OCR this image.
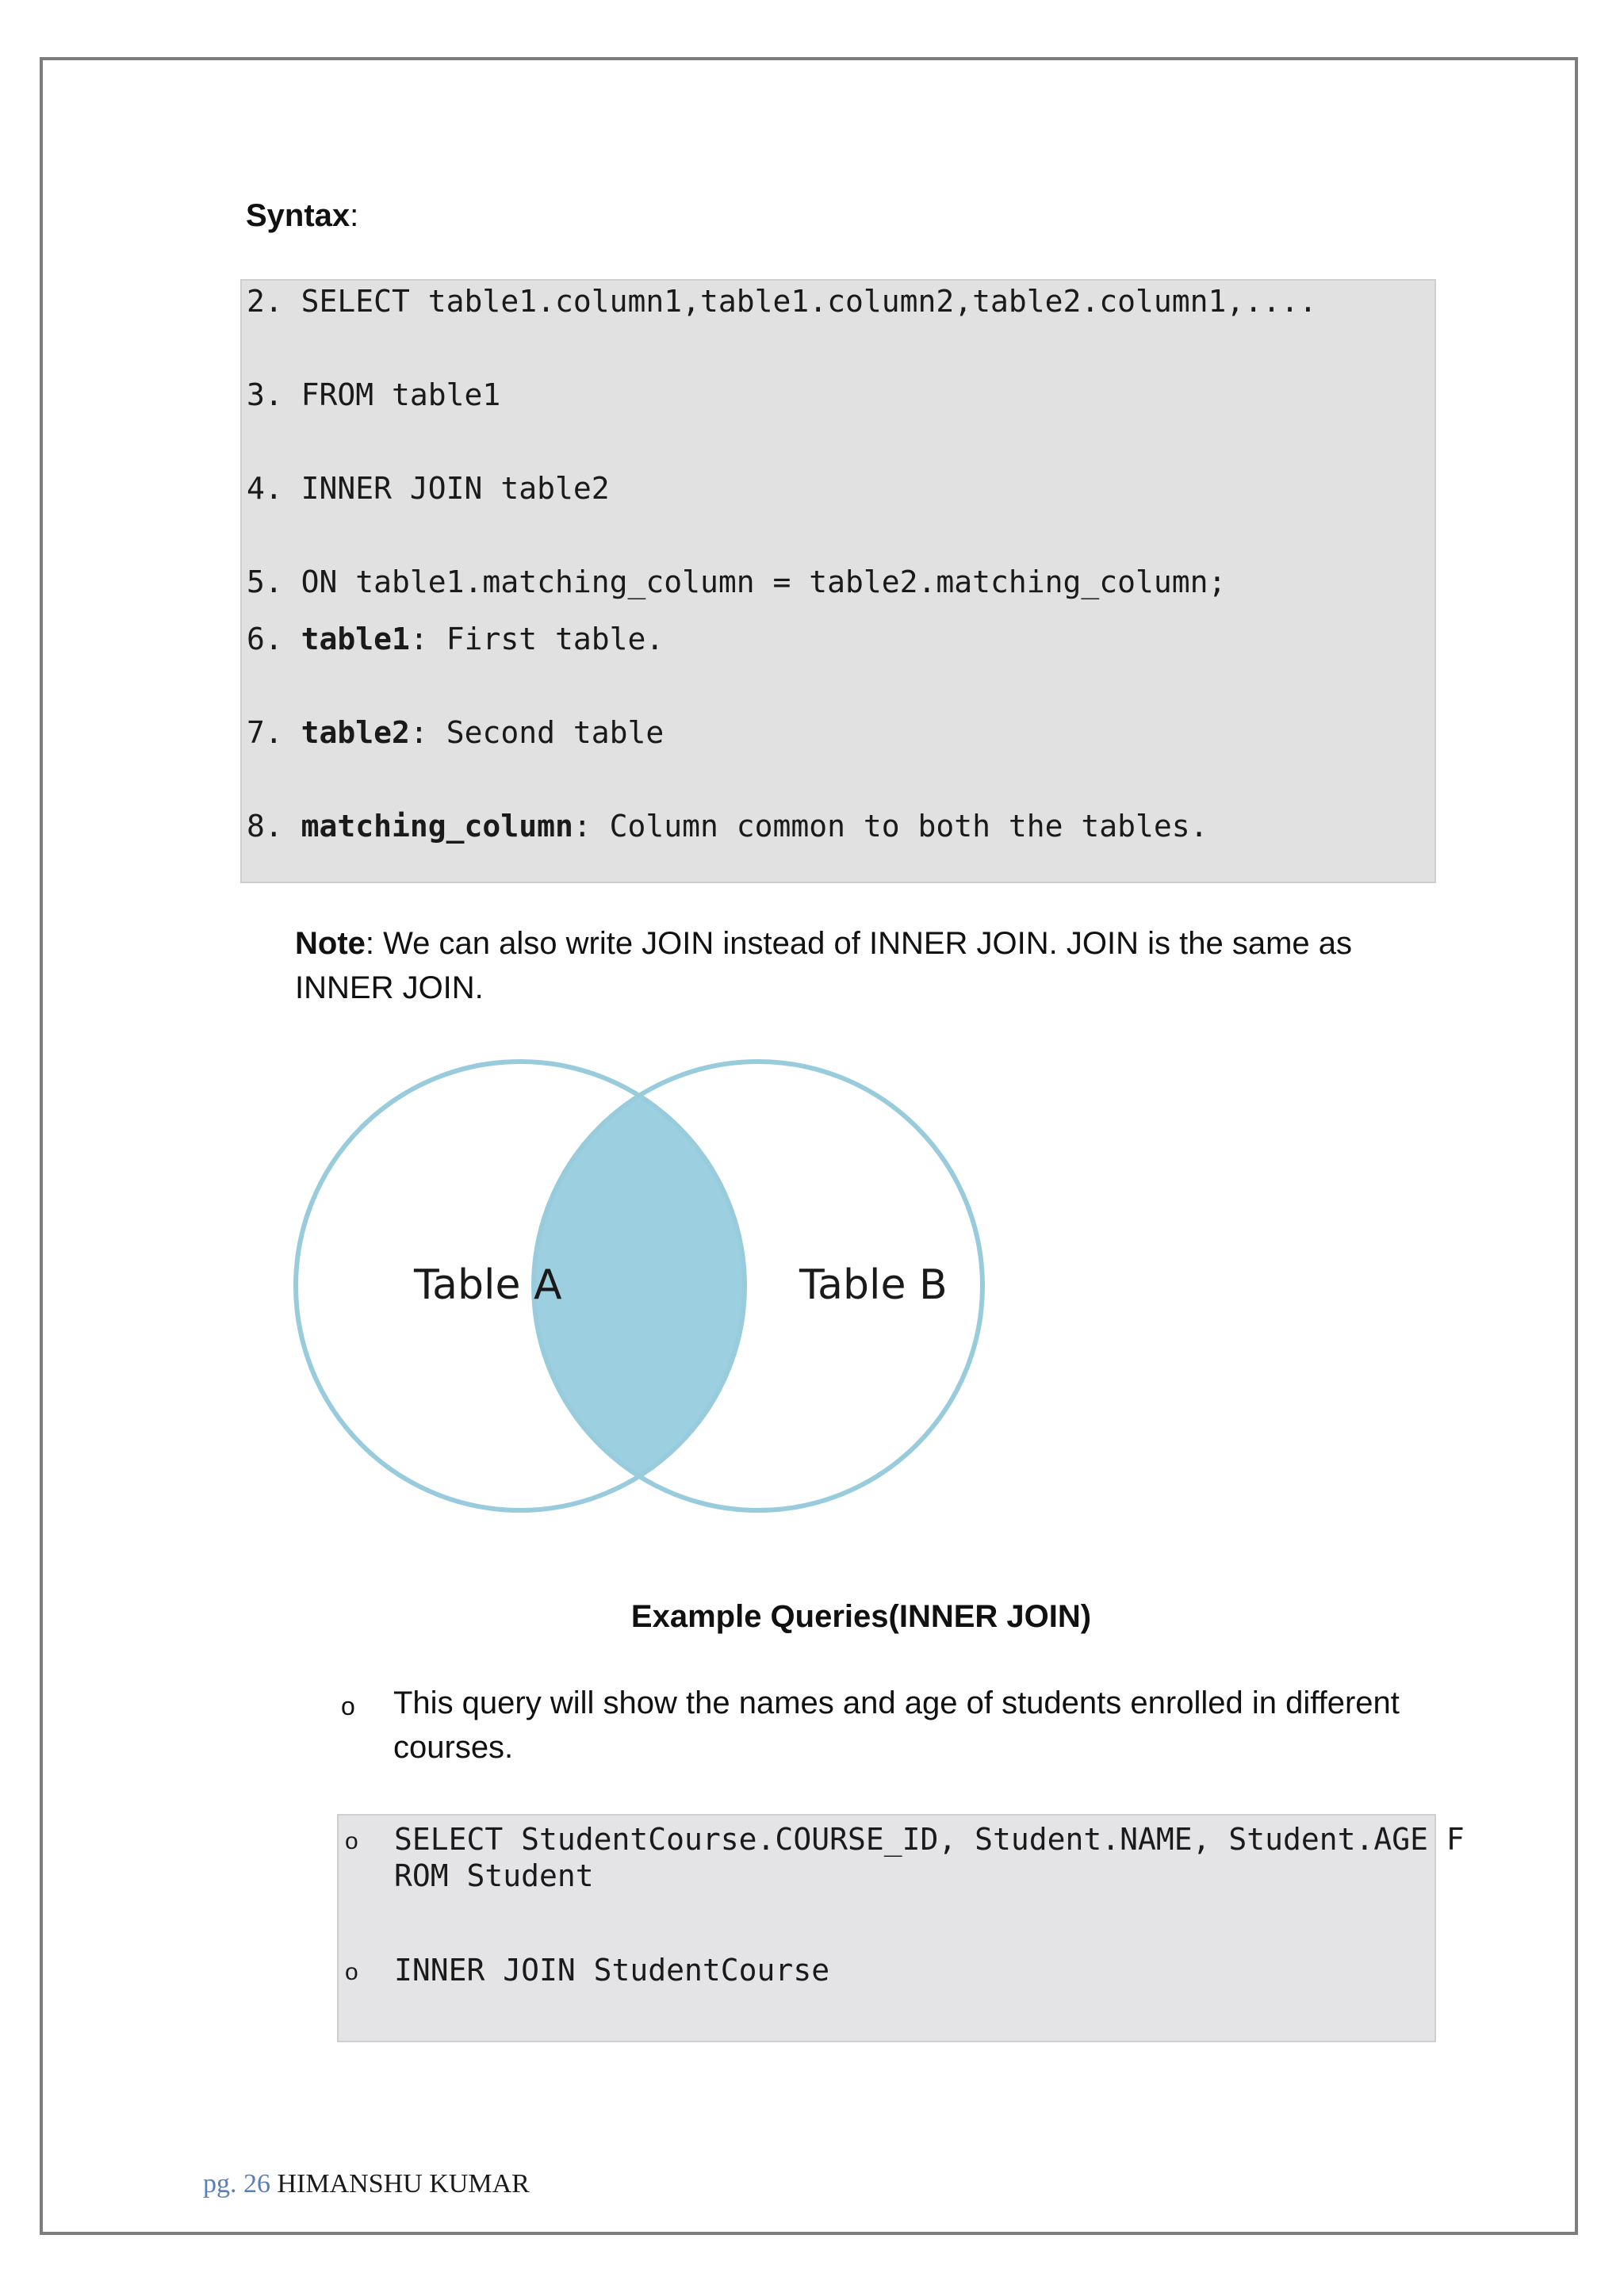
Syntax:
2. SELECT table1.column1,table1.column2,table2.column1,....
3. FROM table1
4. INNER JOIN table2
5. ON table1.matching_column = table2.matching_column;
6. table1: First table.
7. table2: Second table
8. matching_column: Column common to both the tables.

Note: We can also write JOIN instead of INNER JOIN. JOIN is the same as INNER JOIN.

Table A	Table B
Example Queries(INNER JOIN)
o This query will show the names and age of students enrolled in different courses.
o SELECT StudentCourse.COURSE_ID, Student.NAME, Student.AGE F
ROM Student
o INNER JOIN StudentCourse
pg. 26 HIMANSHU KUMAR
